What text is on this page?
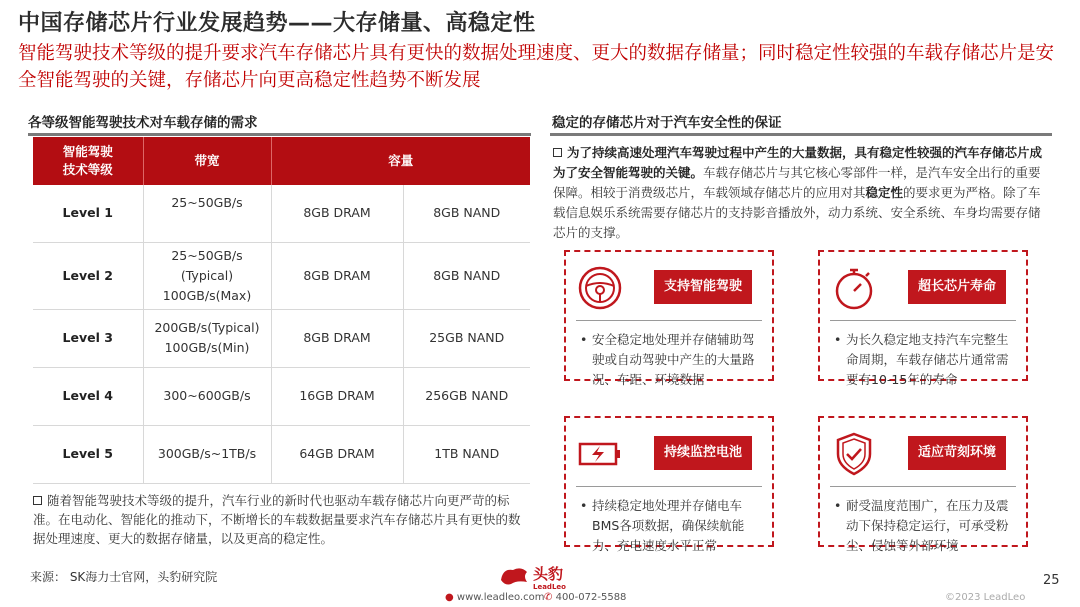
中国存储芯片行业发展趋势——大存储量、高稳定性
智能驾驶技术等级的提升要求汽车存储芯片具有更快的数据处理速度、更大的数据存储量；同时稳定性较强的车载存储芯片是安全智能驾驶的关键，存储芯片向更高稳定性趋势不断发展
各等级智能驾驶技术对车载存储的需求	稳定的存储芯片对于汽车安全性的保证
智能驾驶
技术等级	带宽	容量	
Level 1	25~50GB/s	8GB DRAM	8GB NAND
Level 2	25~50GB/s
(Typical)
100GB/s(Max)	8GB DRAM	8GB NAND
Level 3	200GB/s(Typical)
100GB/s(Min)	8GB DRAM	25GB NAND
Level 4	300~600GB/s	16GB DRAM	256GB NAND
Level 5	300GB/s~1TB/s	64GB DRAM	1TB NAND
随着智能驾驶技术等级的提升，汽车行业的新时代也驱动车载存储芯片向更严苛的标准。在电动化、智能化的推动下，不断增长的车载数据量要求汽车存储芯片具有更快的数据处理速度、更大的数据存储量，以及更高的稳定性。
为了持续高速处理汽车驾驶过程中产生的大量数据，具有稳定性较强的汽车存储芯片成为了安全智能驾驶的关键。车载存储芯片与其它核心零部件一样，是汽车安全出行的重要保障。相较于消费级芯片，车载领域存储芯片的应用对其稳定性的要求更为严格。除了车载信息娱乐系统需要存储芯片的支持影音播放外，动力系统、安全系统、车身均需要存储芯片的支撑。
支持智能驾驶
• 安全稳定地处理并存储辅助驾驶或自动驾驶中产生的大量路况、车距、环境数据
超长芯片寿命
• 为长久稳定地支持汽车完整生命周期，车载存储芯片通常需要有10-15年的寿命
持续监控电池
• 持续稳定地处理并存储电车BMS各项数据，确保续航能力、充电速度水平正常
适应苛刻环境
• 耐受温度范围广，在压力及震动下保持稳定运行，可承受粉尘、侵蚀等外部环境
来源： SK海力士官网，头豹研究院	头豹
LeadLeo
● www.leadleo.com ✆ 400-072-5588
25
©2023 LeadLeo
